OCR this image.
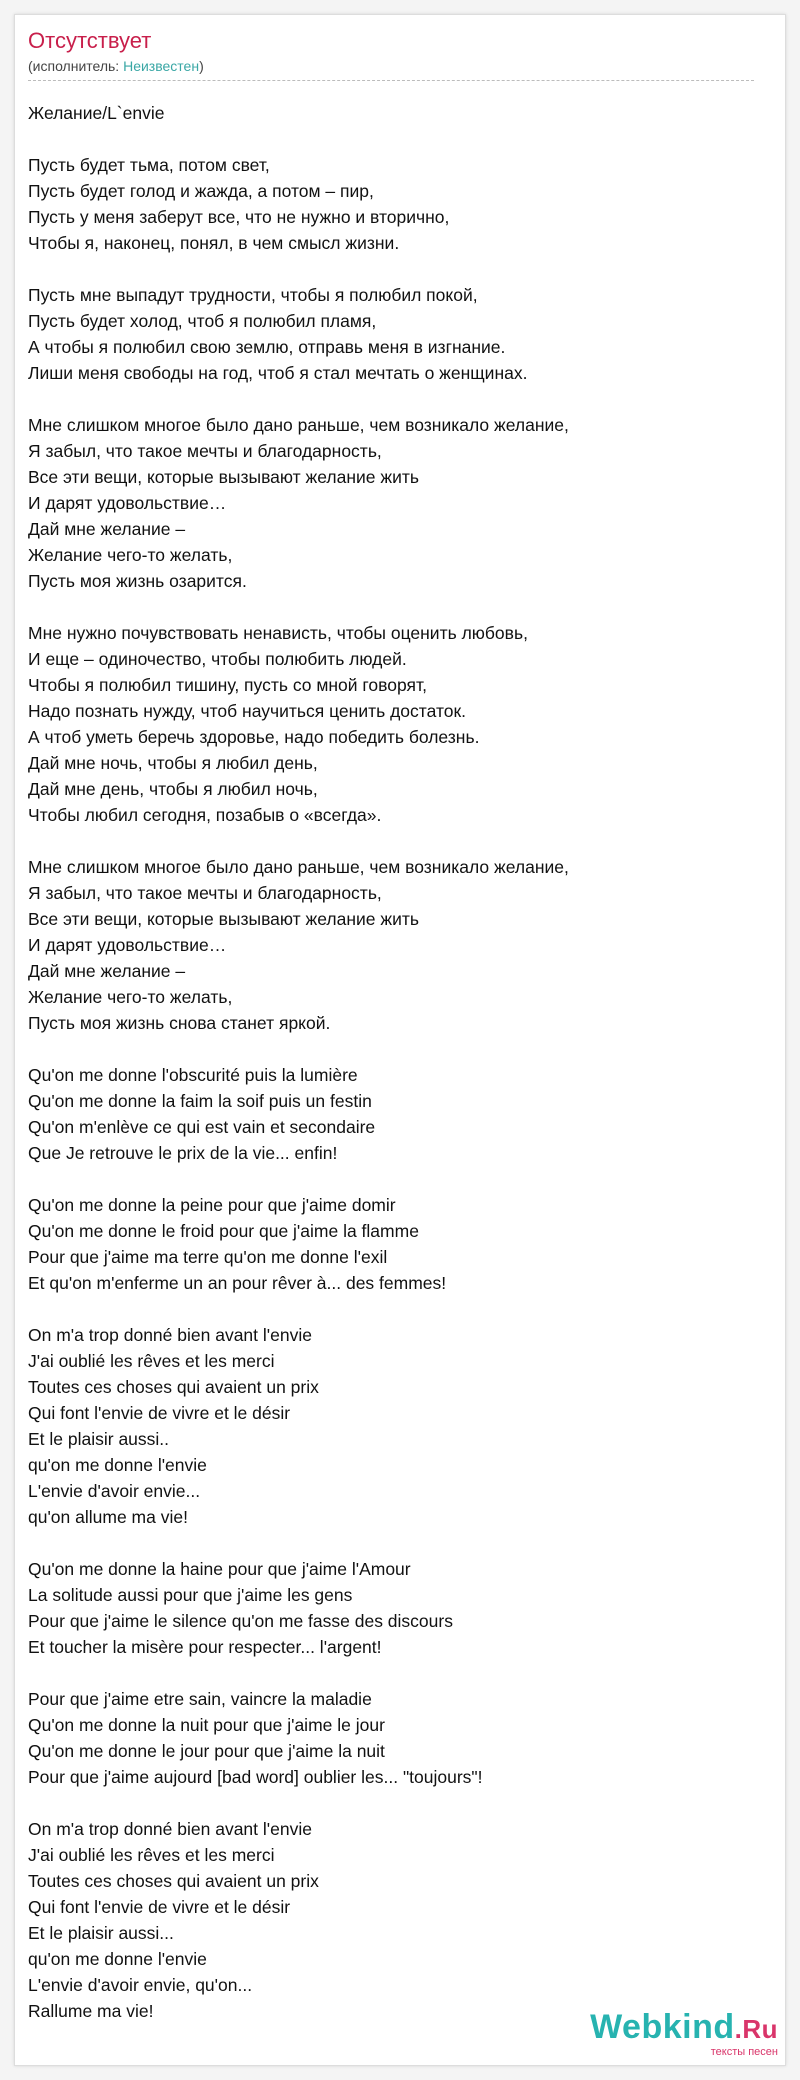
Отсутствует
(исполнитель: Неизвестен)
Желание/L`envie

Пусть будет тьма, потом свет,
Пусть будет голод и жажда, а потом – пир,
Пусть у меня заберут все, что не нужно и вторично,
Чтобы я, наконец, понял, в чем смысл жизни.

Пусть мне выпадут трудности, чтобы я полюбил покой,
Пусть будет холод, чтоб я полюбил пламя,
А чтобы я полюбил свою землю, отправь меня в изгнание.
Лиши меня свободы на год, чтоб я стал мечтать о женщинах.

Мне слишком многое было дано раньше, чем возникало желание,
Я забыл, что такое мечты и благодарность,
Все эти вещи, которые вызывают желание жить
И дарят удовольствие…
Дай мне желание –
Желание чего-то желать,
Пусть моя жизнь озарится.

Мне нужно почувствовать ненависть, чтобы оценить любовь,
И еще – одиночество, чтобы полюбить людей.
Чтобы я полюбил тишину, пусть со мной говорят,
Надо познать нужду, чтоб научиться ценить достаток.
А чтоб уметь беречь здоровье, надо победить болезнь.
Дай мне ночь, чтобы я любил день,
Дай мне день, чтобы я любил ночь,
Чтобы любил сегодня, позабыв о «всегда».

Мне слишком многое было дано раньше, чем возникало желание,
Я забыл, что такое мечты и благодарность,
Все эти вещи, которые вызывают желание жить
И дарят удовольствие…
Дай мне желание –
Желание чего-то желать,
Пусть моя жизнь снова станет яркой.

Qu'on me donne l'obscurité puis la lumière
Qu'on me donne la faim la soif puis un festin
Qu'on m'enlève ce qui est vain et secondaire
Que Je retrouve le prix de la vie... enfin!

Qu'on me donne la peine pour que j'aime domir
Qu'on me donne le froid pour que j'aime la flamme
Pour que j'aime ma terre qu'on me donne l'exil
Et qu'on m'enferme un an pour rêver à... des femmes!

On m'a trop donné bien avant l'envie
J'ai oublié les rêves et les merci
Toutes ces choses qui avaient un prix
Qui font l'envie de vivre et le désir
Et le plaisir aussi..
qu'on me donne l'envie
L'envie d'avoir envie...
qu'on allume ma vie!

Qu'on me donne la haine pour que j'aime l'Amour
La solitude aussi pour que j'aime les gens
Pour que j'aime le silence qu'on me fasse des discours
Et toucher la misère pour respecter... l'argent!

Pour que j'aime etre sain, vaincre la maladie
Qu'on me donne la nuit pour que j'aime le jour
Qu'on me donne le jour pour que j'aime la nuit
Pour que j'aime aujourd [bad word] oublier les... "toujours"!

On m'a trop donné bien avant l'envie
J'ai oublié les rêves et les merci
Toutes ces choses qui avaient un prix
Qui font l'envie de vivre et le désir
Et le plaisir aussi...
qu'on me donne l'envie
L'envie d'avoir envie, qu'on...
Rallume ma vie!	Webkind.Ru
тексты песен
